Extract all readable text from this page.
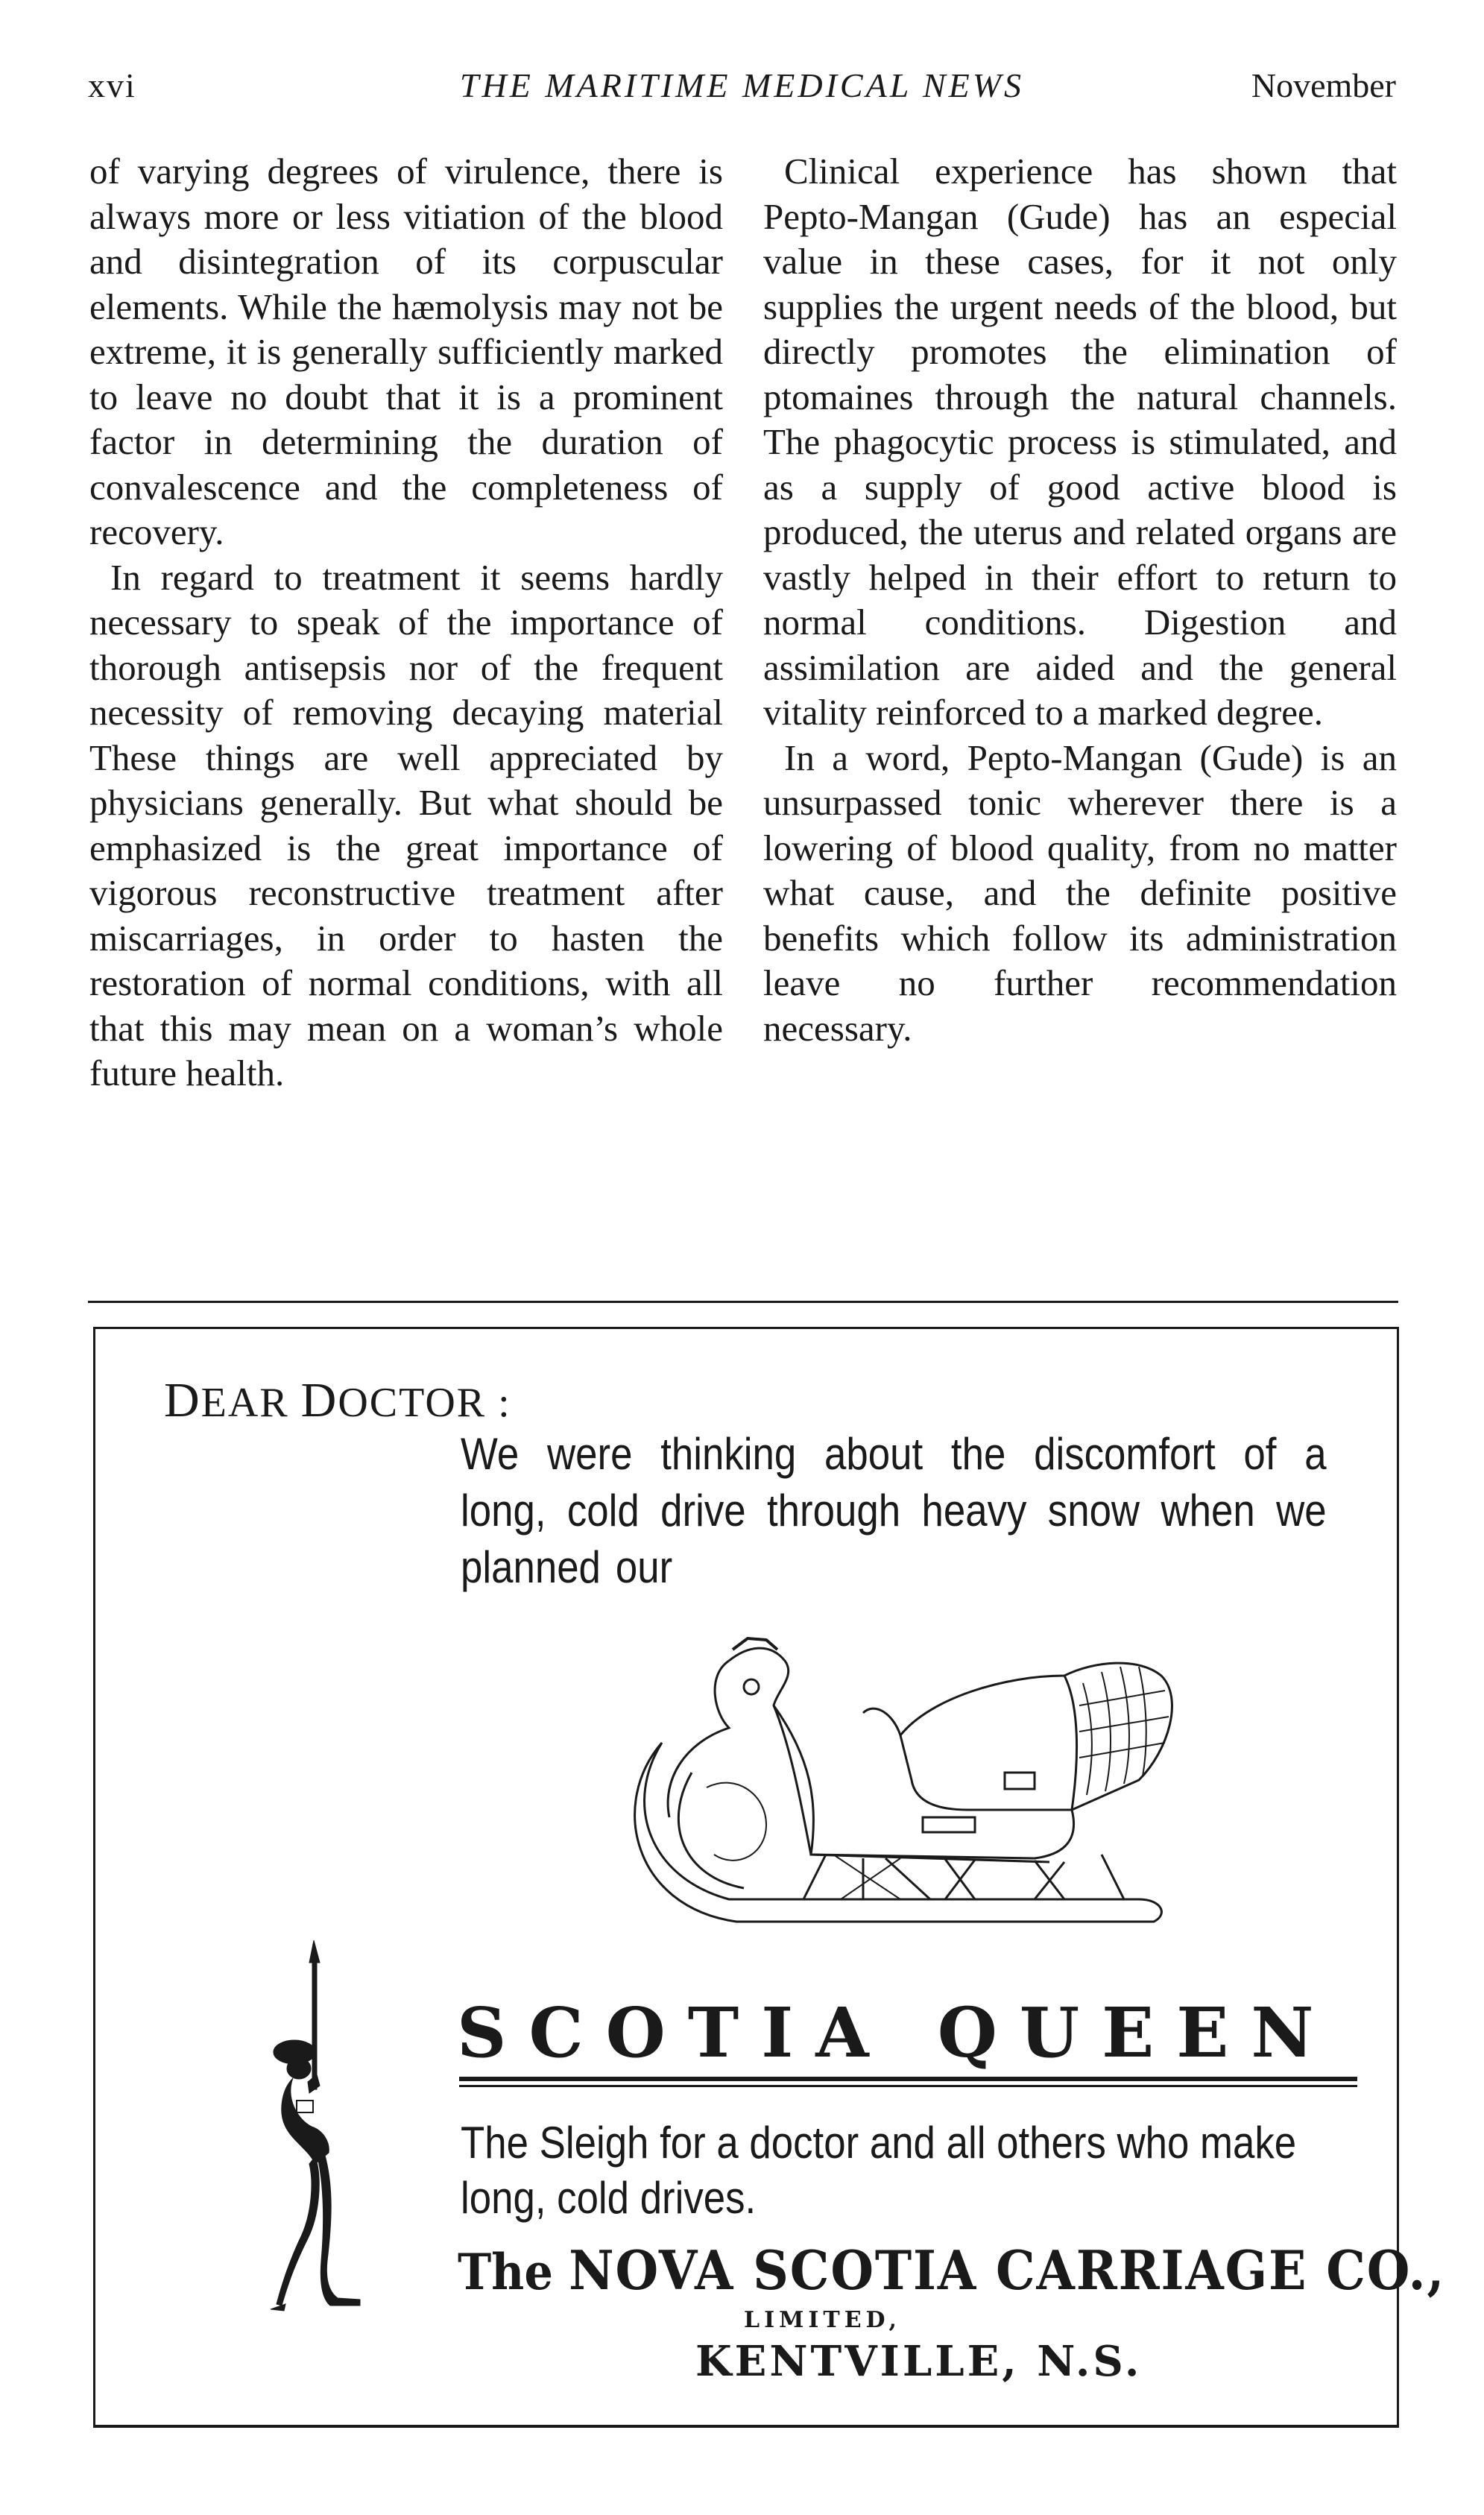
xvi	THE MARITIME MEDICAL NEWS	November

of varying degrees of virulence, there is always more or less vitiation of the blood and disintegration of its corpuscular elements. While the hæmolysis may not be extreme, it is generally sufficiently marked to leave no doubt that it is a prominent factor in determining the duration of convalescence and the completeness of recovery.

In regard to treatment it seems hardly necessary to speak of the importance of thorough antisepsis nor of the frequent necessity of removing decaying material These things are well appreciated by physicians generally. But what should be emphasized is the great importance of vigorous reconstructive treatment after miscarriages, in order to hasten the restoration of normal conditions, with all that this may mean on a woman’s whole future health.

Clinical experience has shown that Pepto-Mangan (Gude) has an especial value in these cases, for it not only supplies the urgent needs of the blood, but directly promotes the elimination of ptomaines through the natural channels. The phagocytic process is stimulated, and as a supply of good active blood is produced, the uterus and related organs are vastly helped in their effort to return to normal conditions. Digestion and assimilation are aided and the general vitality reinforced to a marked degree.

In a word, Pepto-Mangan (Gude) is an unsurpassed tonic wherever there is a lowering of blood quality, from no matter what cause, and the definite positive benefits which follow its administration leave no further recommendation necessary.

DEAR DOCTOR :
We were thinking about the discomfort of a long, cold drive through heavy snow when we planned our
SCOTIA QUEEN
The Sleigh for a doctor and all others who make long, cold drives.
The NOVA SCOTIA CARRIAGE CO.,
LIMITED,
KENTVILLE, N.S.
